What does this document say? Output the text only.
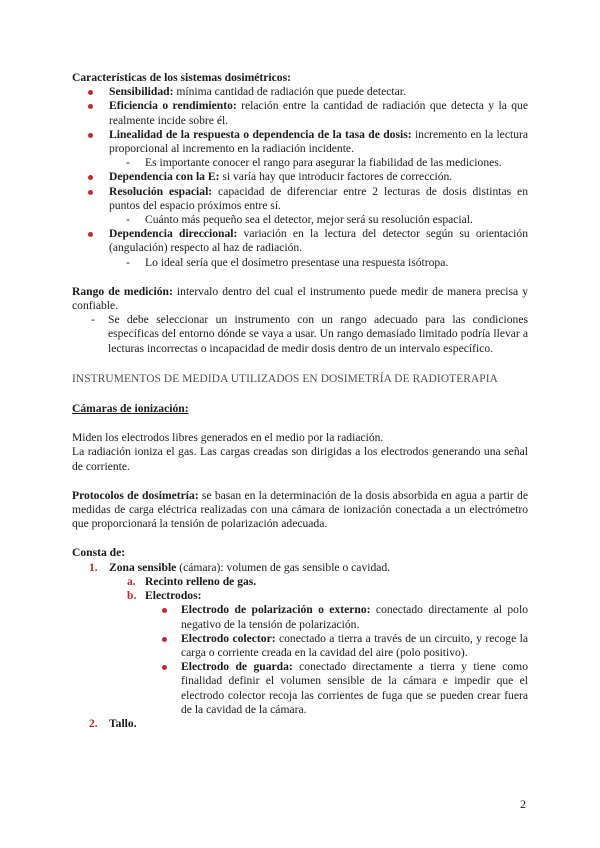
Características de los sistemas dosimétricos:

Sensibilidad: mínima cantidad de radiación que puede detectar.
Eficiencia o rendimiento: relación entre la cantidad de radiación que detecta y la que realmente incide sobre él.
Linealidad de la respuesta o dependencia de la tasa de dosis: incremento en la lectura proporcional al incremento en la radiación incidente.
- Es importante conocer el rango para asegurar la fiabilidad de las mediciones.
Dependencia con la E: si varía hay que introducir factores de corrección.
Resolución espacial: capacidad de diferenciar entre 2 lecturas de dosis distintas en puntos del espacio próximos entre sí.
- Cuánto más pequeño sea el detector, mejor será su resolución espacial.
Dependencia direccional: variación en la lectura del detector según su orientación (angulación) respecto al haz de radiación.
- Lo ideal sería que el dosímetro presentase una respuesta isótropa.

Rango de medición: intervalo dentro del cual el instrumento puede medir de manera precisa y confiable.

- Se debe seleccionar un instrumento con un rango adecuado para las condiciones específicas del entorno dónde se vaya a usar. Un rango demasiado limitado podría llevar a lecturas incorrectas o incapacidad de medir dosis dentro de un intervalo específico.

INSTRUMENTOS DE MEDIDA UTILIZADOS EN DOSIMETRÍA DE RADIOTERAPIA

Cámaras de ionización:

Miden los electrodos libres generados en el medio por la radiación.

La radiación ioniza el gas. Las cargas creadas son dirigidas a los electrodos generando una señal de corriente.

Protocolos de dosimetría: se basan en la determinación de la dosis absorbida en agua a partir de medidas de carga eléctrica realizadas con una cámara de ionización conectada a un electrómetro que proporcionará la tensión de polarización adecuada.

Consta de:

1. Zona sensible (cámara): volumen de gas sensible o cavidad.
a. Recinto relleno de gas.
b. Electrodos:
Electrodo de polarización o externo: conectado directamente al polo negativo de la tensión de polarización.
Electrodo colector: conectado a tierra a través de un circuito, y recoge la carga o corriente creada en la cavidad del aire (polo positivo).
Electrodo de guarda: conectado directamente a tierra y tiene como finalidad definir el volumen sensible de la cámara e impedir que el electrodo colector recoja las corrientes de fuga que se pueden crear fuera de la cavidad de la cámara.
2. Tallo.
2
